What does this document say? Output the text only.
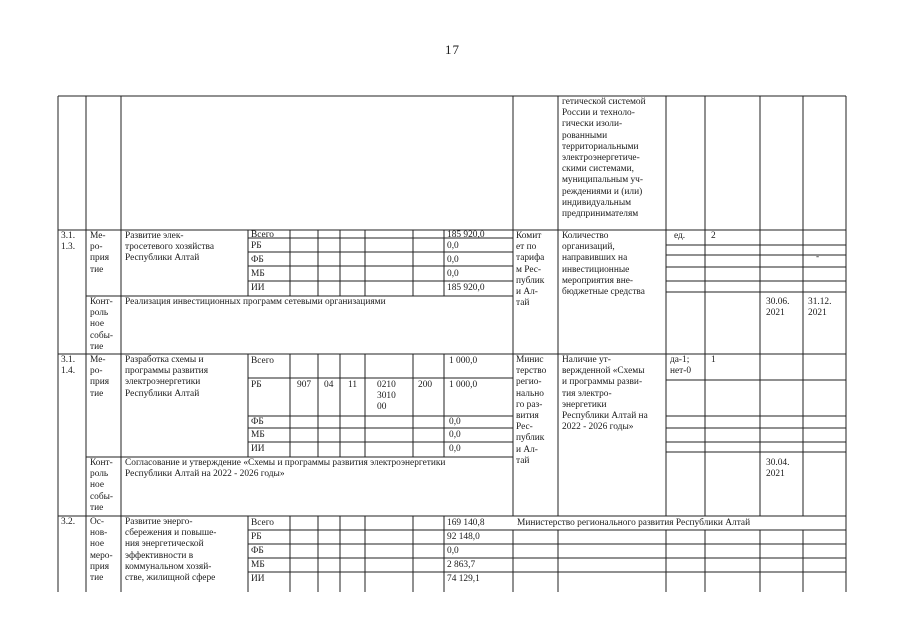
17
гетической системой
России и техноло-
гически изоли-
рованными
территориальными
электроэнергетиче-
скими системами,
муниципальным уч-
реждениями и (или)
индивидуальным
предпринимателям
3.1.
1.3.
Ме-
ро-
прия
тие
Развитие элек-
тросетевого хозяйства
Республики Алтай
Всего
РБ
ФБ
МБ
ИИ
185 920,0
0,0
0,0
0,0
185 920,0
Комит
ет по
тарифа
м Рес-
публик
и Ал-
тай
Количество
организаций,
направивших на
инвестиционные
мероприятия вне-
бюджетные средства
ед.	2
-
Конт-
роль
ное
собы-
тие
Реализация инвестиционных программ сетевыми организациями	30.06.
2021
31.12.
2021
3.1.
1.4.
Ме-
ро-
прия
тие
Разработка схемы и
программы развития
электроэнергетики
Республики Алтай
Всего
РБ
ФБ
МБ
ИИ
907 04 11 0210
3010
00
200
1 000,0
1 000,0
0,0
0,0
0,0
Минис
терство
регио-
нально
го раз-
вития
Рес-
публик
и Ал-
тай
Наличие ут-
вержденной «Схемы
и программы разви-
тия электро-
энергетики
Республики Алтай на
2022 - 2026 годы»
да-1;
нет-0
1
Конт-
роль
ное
собы-
тие
Согласование и утверждение «Схемы и программы развития электроэнергетики
Республики Алтай на 2022 - 2026 годы»
30.04.
2021
3.2. Ос-
нов-
ное
меро-
прия
тие
Развитие энерго-
сбережения и повыше-
ния энергетической
эффективности в
коммунальном хозяй-
стве, жилищной сфере
Всего
РБ
ФБ
МБ
ИИ
169 140,8
92 148,0
0,0
2 863,7
74 129,1
Министерство регионального развития Республики Алтай
